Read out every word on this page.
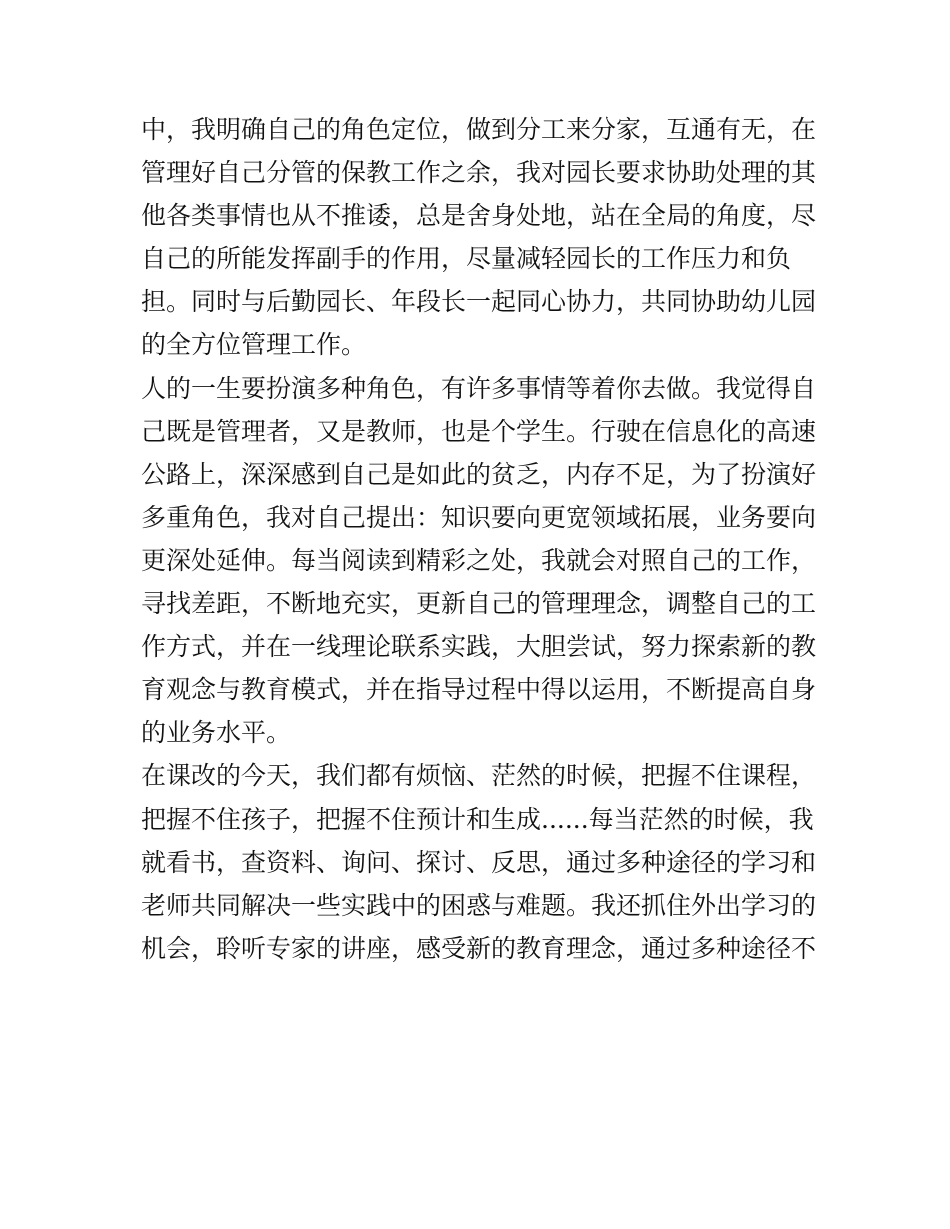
中，我明确自己的角色定位，做到分工来分家，互通有无，在
管理好自己分管的保教工作之余，我对园长要求协助处理的其
他各类事情也从不推诿，总是舍身处地，站在全局的角度，尽
自己的所能发挥副手的作用，尽量减轻园长的工作压力和负
担。同时与后勤园长、年段长一起同心协力，共同协助幼儿园
的全方位管理工作。
人的一生要扮演多种角色，有许多事情等着你去做。我觉得自
己既是管理者，又是教师，也是个学生。行驶在信息化的高速
公路上，深深感到自己是如此的贫乏，内存不足，为了扮演好
多重角色，我对自己提出：知识要向更宽领域拓展，业务要向
更深处延伸。每当阅读到精彩之处，我就会对照自己的工作，
寻找差距，不断地充实，更新自己的管理理念，调整自己的工
作方式，并在一线理论联系实践，大胆尝试，努力探索新的教
育观念与教育模式，并在指导过程中得以运用，不断提高自身
的业务水平。
在课改的今天，我们都有烦恼、茫然的时候，把握不住课程，
把握不住孩子，把握不住预计和生成......每当茫然的时候，我
就看书，查资料、询问、探讨、反思，通过多种途径的学习和
老师共同解决一些实践中的困惑与难题。我还抓住外出学习的
机会，聆听专家的讲座，感受新的教育理念，通过多种途径不
